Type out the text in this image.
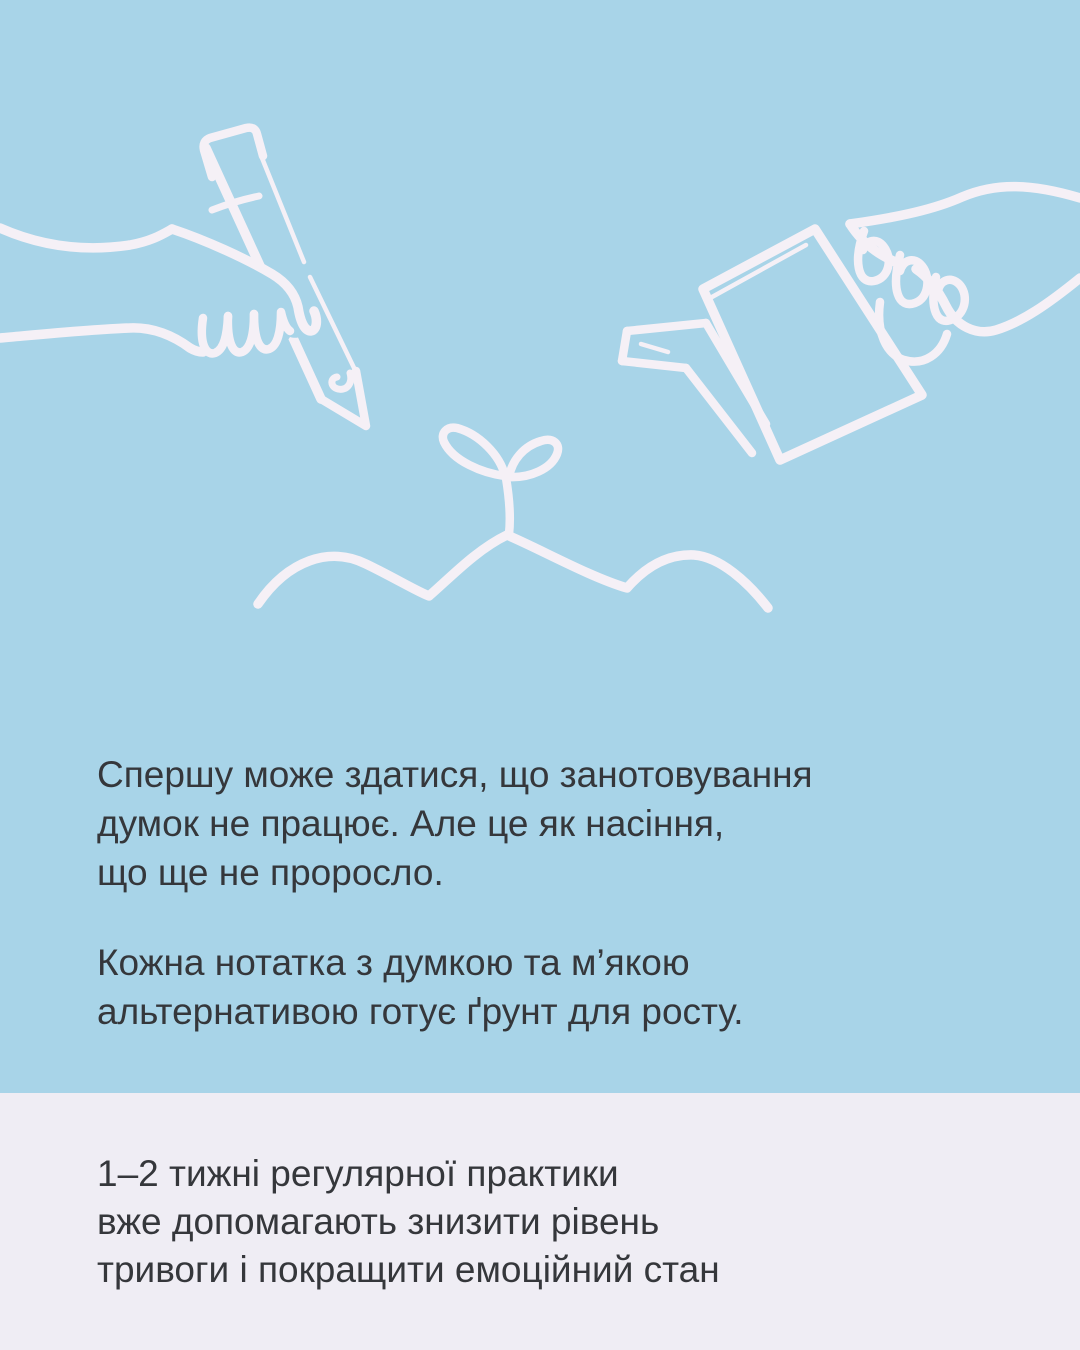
Спершу може здатися, що занотовування
думок не працює. Але це як насіння,
що ще не проросло.

Кожна нотатка з думкою та м’якою
альтернативою готує ґрунт для росту.

1–2 тижні регулярної практики
вже допомагають знизити рівень
тривоги і покращити емоційний стан
